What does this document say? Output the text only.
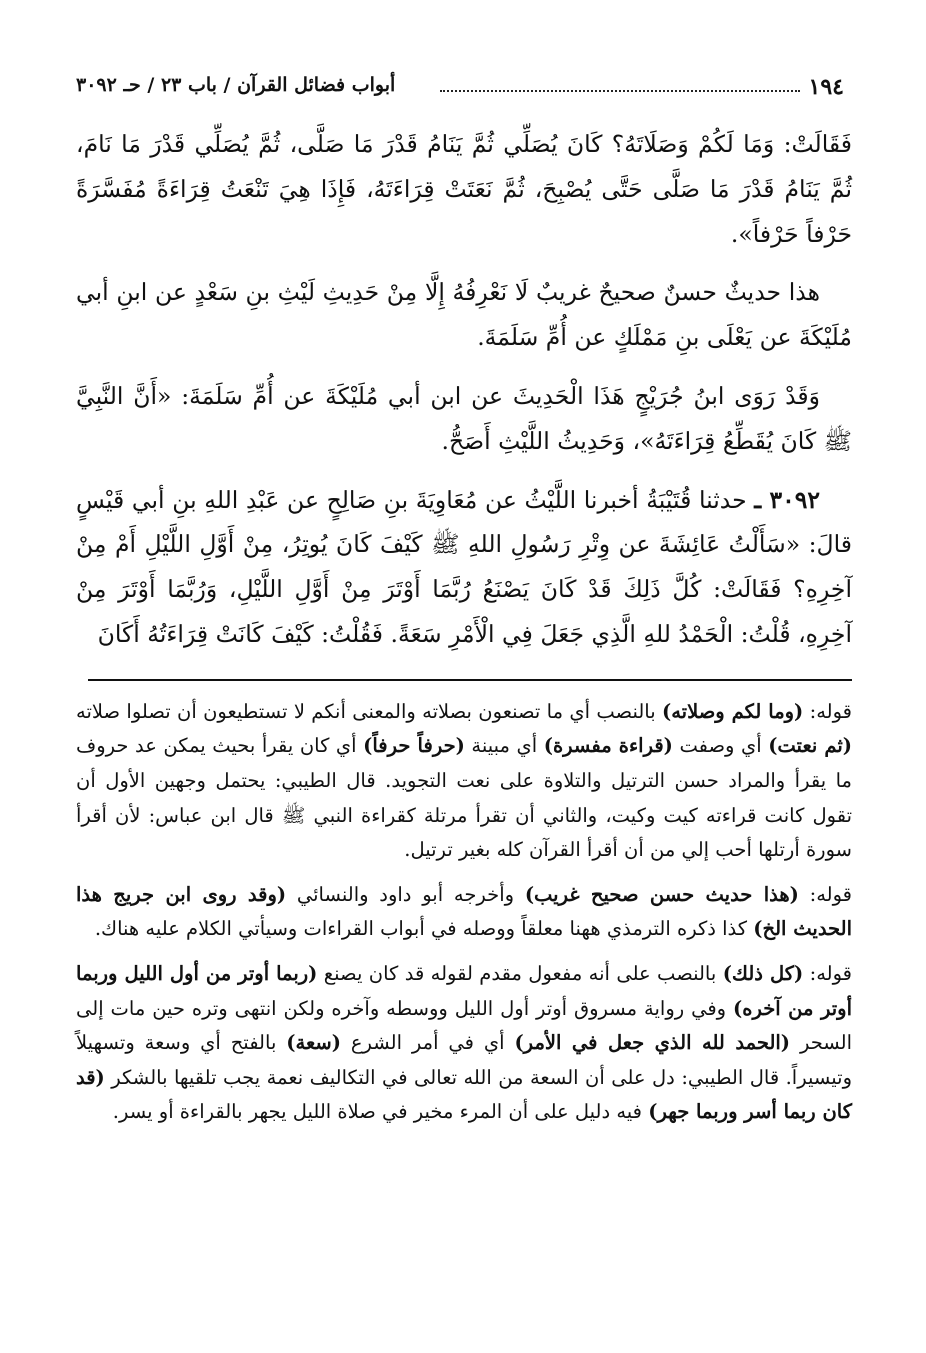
١٩٤
أبواب فضائل القرآن / باب ٢٣ / حـ ٣٠٩٢

فَقَالَتْ: وَمَا لَكُمْ وَصَلَاتَهُ؟ كَانَ يُصَلِّي ثُمَّ يَنَامُ قَدْرَ مَا صَلَّى، ثُمَّ يُصَلِّي قَدْرَ مَا نَامَ، ثُمَّ يَنَامُ قَدْرَ مَا صَلَّى حَتَّى يُصْبِحَ، ثُمَّ نَعَتَتْ قِرَاءَتَهُ، فَإِذَا هِيَ تَنْعَتُ قِرَاءَةً مُفَسَّرَةً حَرْفاً حَرْفاً».

هذا حديثٌ حسنٌ صحيحٌ غريبٌ لَا نَعْرِفُهُ إِلَّا مِنْ حَدِيثِ لَيْثِ بنِ سَعْدٍ عن ابنِ أبي مُلَيْكَةَ عن يَعْلَى بنِ مَمْلَكٍ عن أُمِّ سَلَمَةَ.

وَقَدْ رَوَى ابنُ جُرَيْجٍ هَذَا الْحَدِيثَ عن ابن أبي مُلَيْكَةَ عن أُمِّ سَلَمَةَ: «أَنَّ النَّبِيَّ ﷺ كَانَ يُقَطِّعُ قِرَاءَتَهُ»، وَحَدِيثُ اللَّيْثِ أَصَحُّ.

٣٠٩٢ ـ حدثنا قُتَيْبَةُ أخبرنا اللَّيْثُ عن مُعَاوِيَةَ بنِ صَالِحٍ عن عَبْدِ اللهِ بنِ أبي قَيْسٍ قالَ: «سَأَلْتُ عَائِشَةَ عن وِتْرِ رَسُولِ اللهِ ﷺ كَيْفَ كَانَ يُوتِرُ، مِنْ أَوَّلِ اللَّيْلِ أَمْ مِنْ آخِرِهِ؟ فَقَالَتْ: كُلَّ ذَلِكَ قَدْ كَانَ يَصْنَعُ رُبَّمَا أَوْتَرَ مِنْ أَوَّلِ اللَّيْلِ، وَرُبَّمَا أَوْتَرَ مِنْ آخِرِهِ، قُلْتُ: الْحَمْدُ للهِ الَّذِي جَعَلَ فِي الْأَمْرِ سَعَةً. فَقُلْتُ: كَيْفَ كَانَتْ قِرَاءَتُهُ أَكَانَ

قوله: (وما لكم وصلاته) بالنصب أي ما تصنعون بصلاته والمعنى أنكم لا تستطيعون أن تصلوا صلاته (ثم نعتت) أي وصفت (قراءة مفسرة) أي مبينة (حرفاً حرفاً) أي كان يقرأ بحيث يمكن عد حروف ما يقرأ والمراد حسن الترتيل والتلاوة على نعت التجويد. قال الطيبي: يحتمل وجهين الأول أن تقول كانت قراءته كيت وكيت، والثاني أن تقرأ مرتلة كقراءة النبي ﷺ قال ابن عباس: لأن أقرأ سورة أرتلها أحب إلي من أن أقرأ القرآن كله بغير ترتيل.

قوله: (هذا حديث حسن صحيح غريب) وأخرجه أبو داود والنسائي (وقد روى ابن جريج هذا الحديث الخ) كذا ذكره الترمذي ههنا معلقاً ووصله في أبواب القراءات وسيأتي الكلام عليه هناك.

قوله: (كل ذلك) بالنصب على أنه مفعول مقدم لقوله قد كان يصنع (ربما أوتر من أول الليل وربما أوتر من آخره) وفي رواية مسروق أوتر أول الليل ووسطه وآخره ولكن انتهى وتره حين مات إلى السحر (الحمد لله الذي جعل في الأمر) أي في أمر الشرع (سعة) بالفتح أي وسعة وتسهيلاً وتيسيراً. قال الطيبي: دل على أن السعة من الله تعالى في التكاليف نعمة يجب تلقيها بالشكر (قد كان ربما أسر وربما جهر) فيه دليل على أن المرء مخير في صلاة الليل يجهر بالقراءة أو يسر.
